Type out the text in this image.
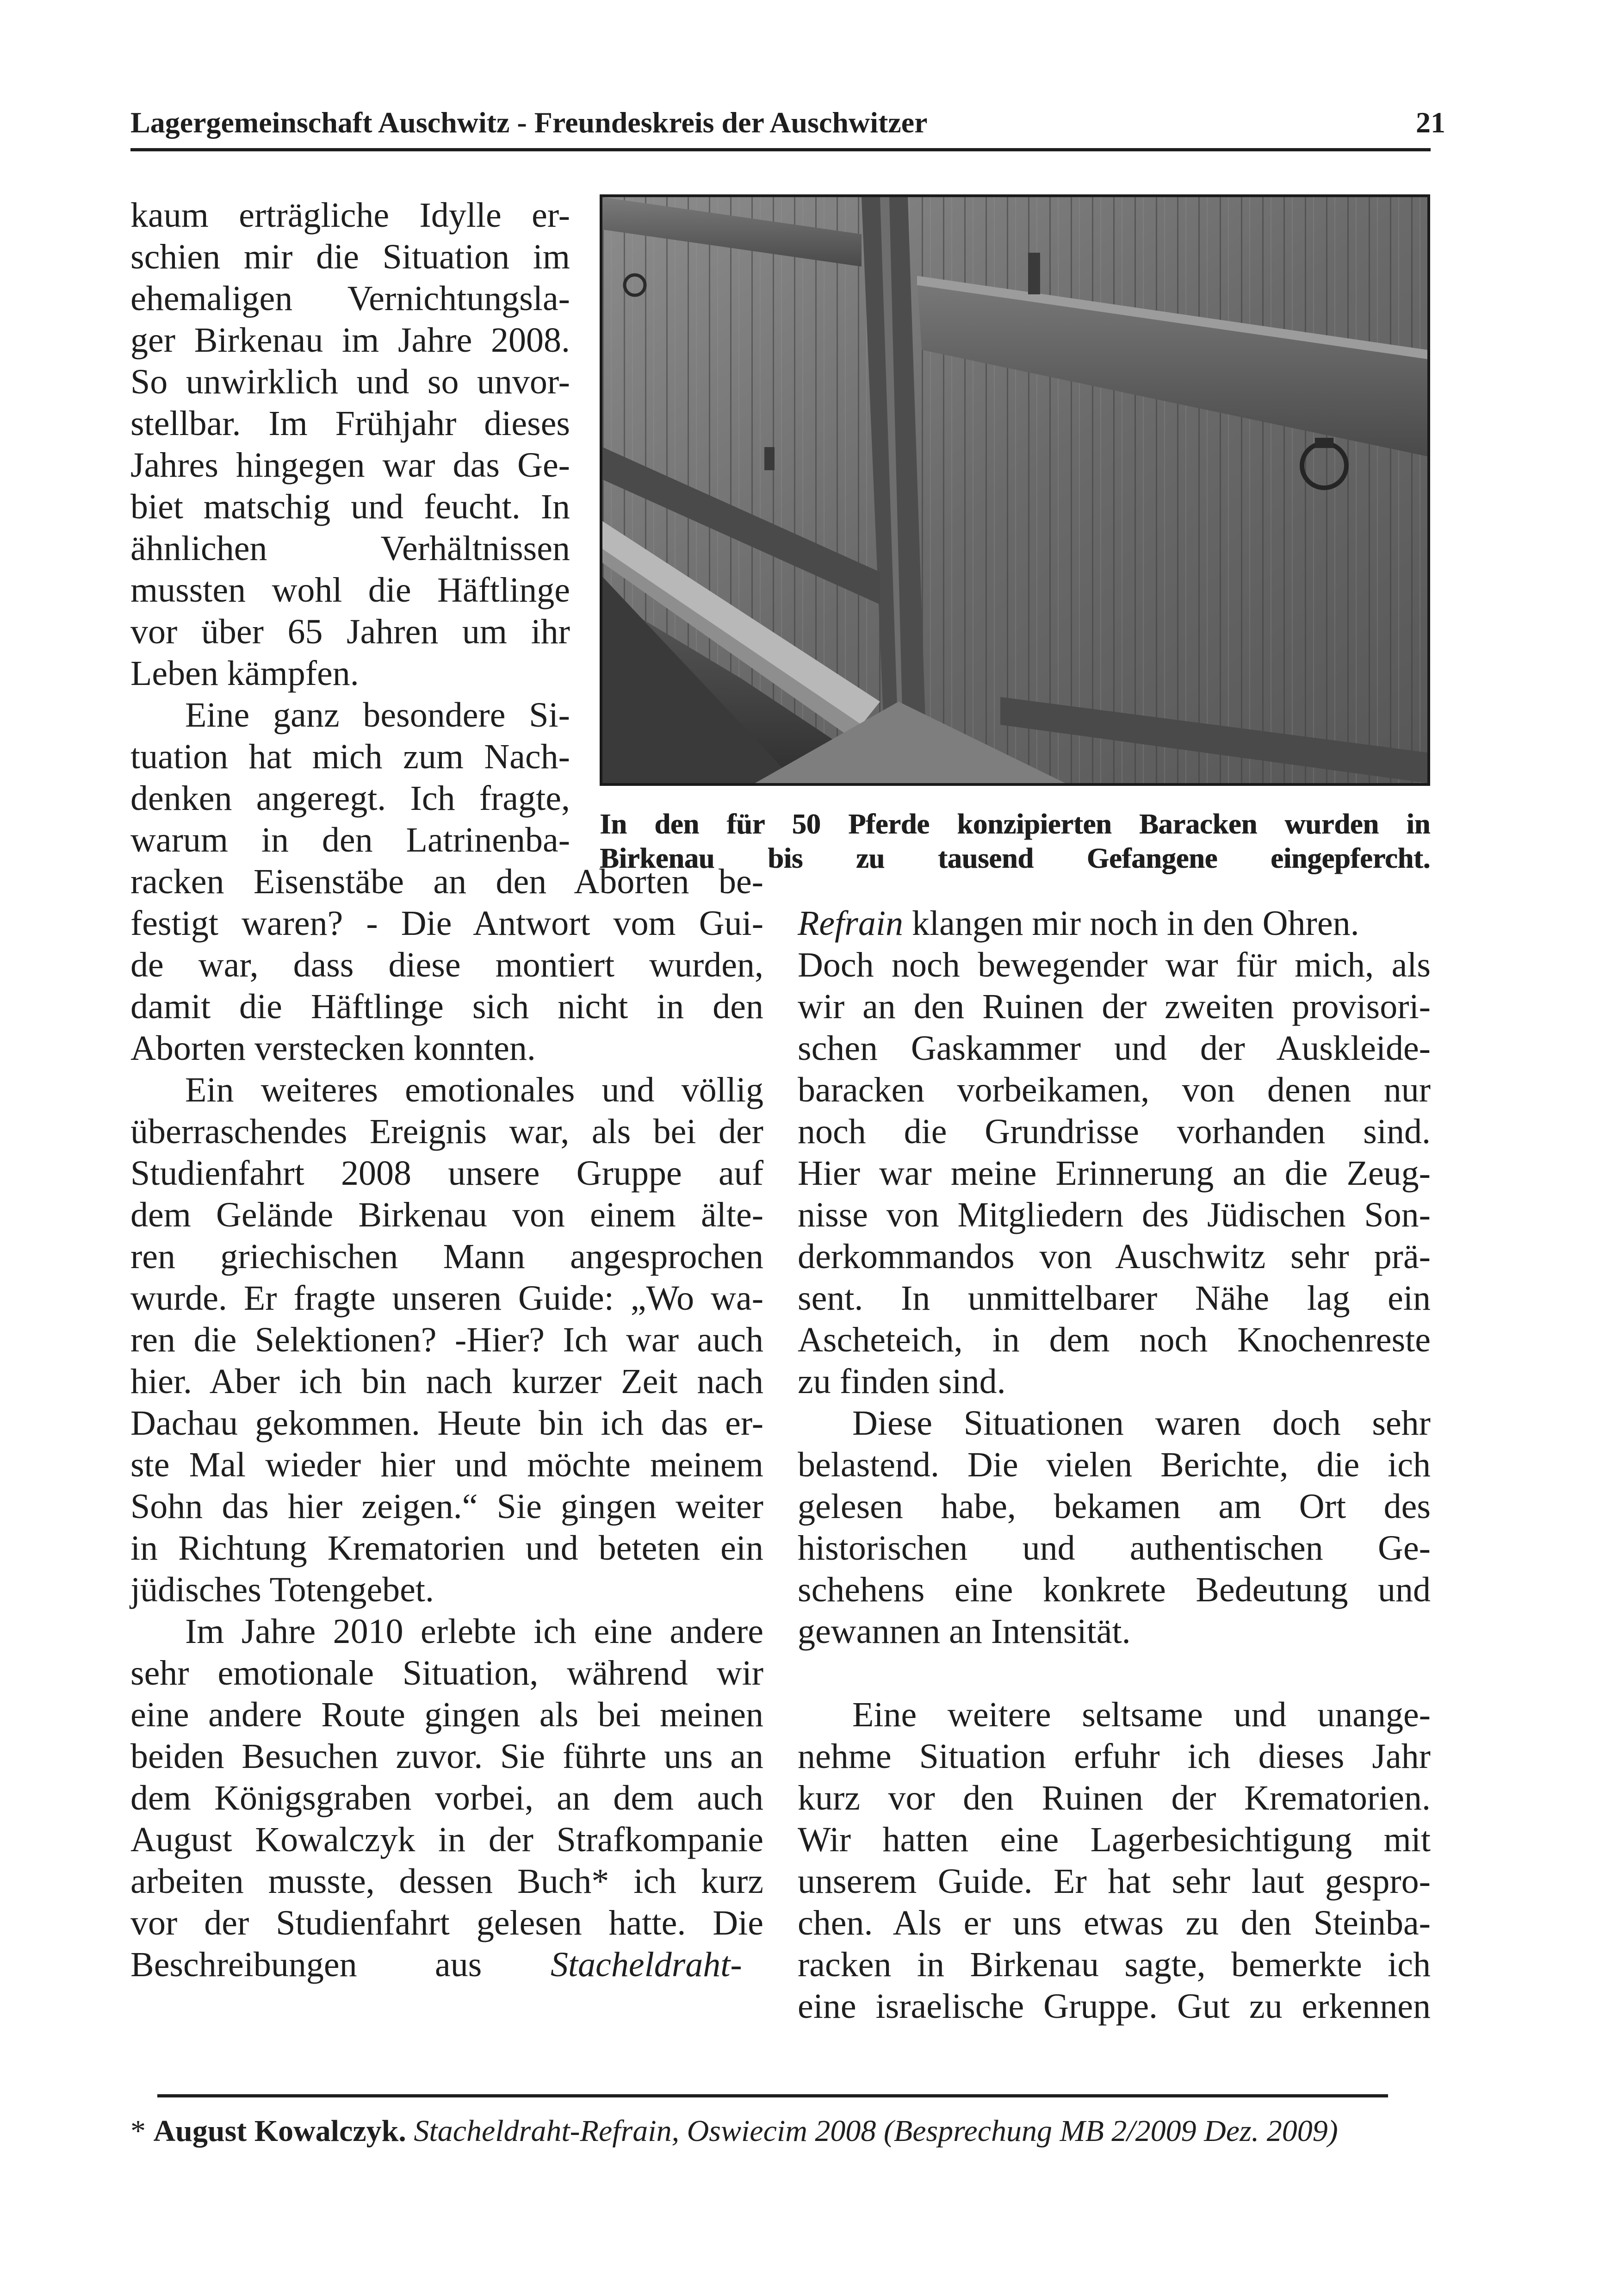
Lagergemeinschaft Auschwitz - Freundeskreis der Auschwitzer	21
In den für 50 Pferde konzipierten Baracken wurden in
Birkenau bis zu tausend Gefangene eingepfercht.
kaum erträgliche Idylle er-
schien mir die Situation im
ehemaligen Vernichtungsla-
ger Birkenau im Jahre 2008.
So unwirklich und so unvor-
stellbar. Im Frühjahr dieses
Jahres hingegen war das Ge-
biet matschig und feucht. In
ähnlichen Verhältnissen
mussten wohl die Häftlinge
vor über 65 Jahren um ihr
Leben kämpfen.
Eine ganz besondere Si-
tuation hat mich zum Nach-
denken angeregt. Ich fragte,
warum in den Latrinenba-
racken Eisenstäbe an den Aborten be-
festigt waren? - Die Antwort vom Gui-
de war, dass diese montiert wurden,
damit die Häftlinge sich nicht in den
Aborten verstecken konnten.
Ein weiteres emotionales und völlig
überraschendes Ereignis war, als bei der
Studienfahrt 2008 unsere Gruppe auf
dem Gelände Birkenau von einem älte-
ren griechischen Mann angesprochen
wurde. Er fragte unseren Guide: „Wo wa-
ren die Selektionen? -Hier? Ich war auch
hier. Aber ich bin nach kurzer Zeit nach
Dachau gekommen. Heute bin ich das er-
ste Mal wieder hier und möchte meinem
Sohn das hier zeigen.“ Sie gingen weiter
in Richtung Krematorien und beteten ein
jüdisches Totengebet.
Im Jahre 2010 erlebte ich eine andere
sehr emotionale Situation, während wir
eine andere Route gingen als bei meinen
beiden Besuchen zuvor. Sie führte uns an
dem Königsgraben vorbei, an dem auch
August Kowalczyk in der Strafkompanie
arbeiten musste, dessen Buch* ich kurz
vor der Studienfahrt gelesen hatte. Die
Beschreibungen aus Stacheldraht-
Refrain klangen mir noch in den Ohren.
Doch noch bewegender war für mich, als
wir an den Ruinen der zweiten provisori-
schen Gaskammer und der Auskleide-
baracken vorbeikamen, von denen nur
noch die Grundrisse vorhanden sind.
Hier war meine Erinnerung an die Zeug-
nisse von Mitgliedern des Jüdischen Son-
derkommandos von Auschwitz sehr prä-
sent. In unmittelbarer Nähe lag ein
Ascheteich, in dem noch Knochenreste
zu finden sind.
Diese Situationen waren doch sehr
belastend. Die vielen Berichte, die ich
gelesen habe, bekamen am Ort des
historischen und authentischen Ge-
schehens eine konkrete Bedeutung und
gewannen an Intensität.
Eine weitere seltsame und unange-
nehme Situation erfuhr ich dieses Jahr
kurz vor den Ruinen der Krematorien.
Wir hatten eine Lagerbesichtigung mit
unserem Guide. Er hat sehr laut gespro-
chen. Als er uns etwas zu den Steinba-
racken in Birkenau sagte, bemerkte ich
eine israelische Gruppe. Gut zu erkennen
* August Kowalczyk. Stacheldraht-Refrain, Oswiecim 2008 (Besprechung MB 2/2009 Dez. 2009)
